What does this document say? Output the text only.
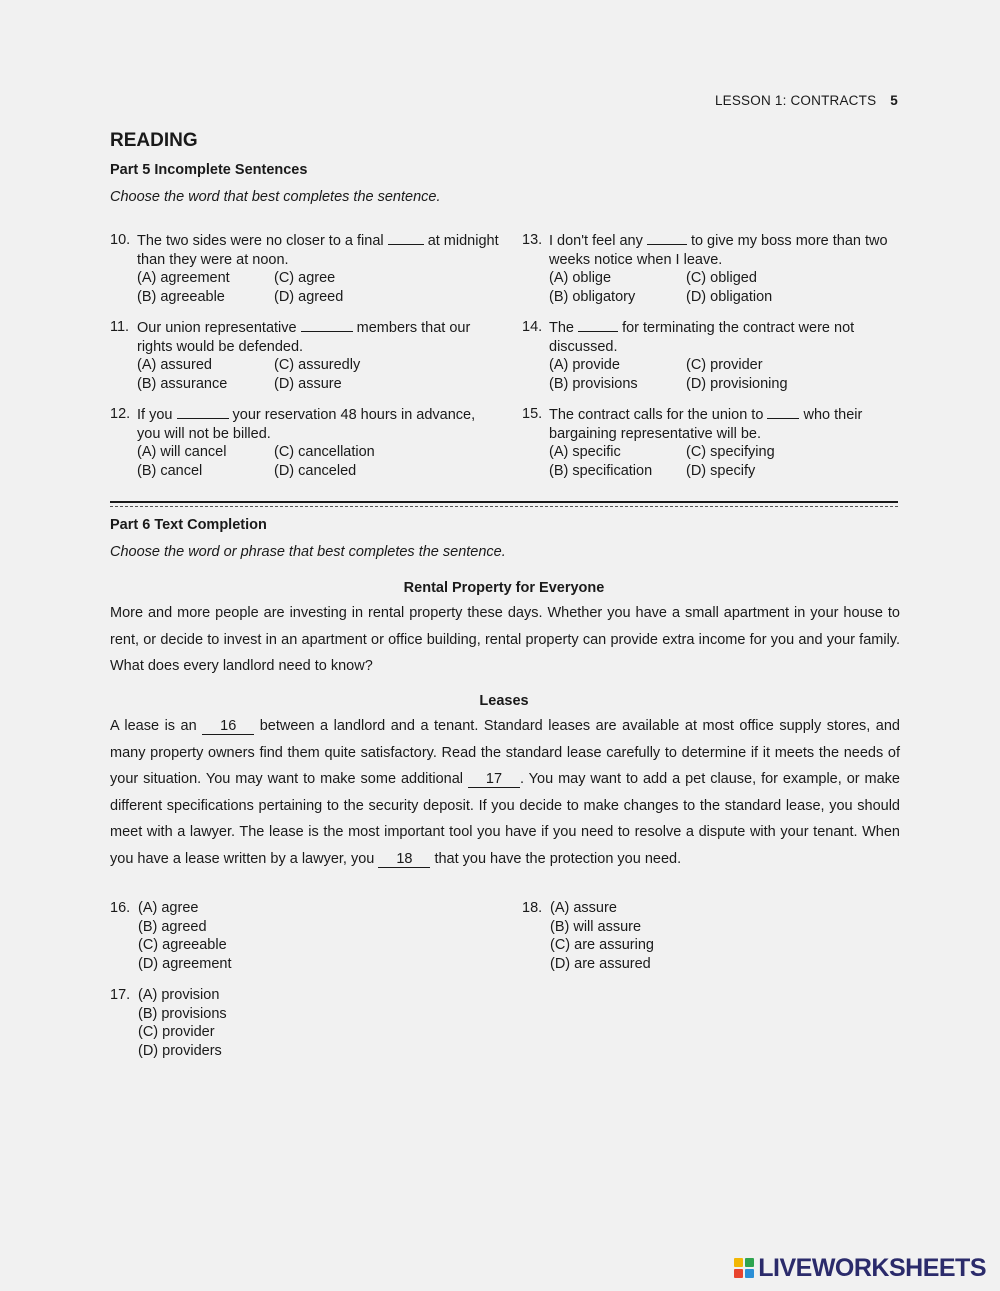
LESSON 1: CONTRACTS 5
READING
Part 5 Incomplete Sentences
Choose the word that best completes the sentence.
10. The two sides were no closer to a final	at midnight than they were at noon.
(A) agreement	(C) agree
(B) agreeable	(D) agreed
11. Our union representative	members that our rights would be defended.
(A) assured	(C) assuredly
(B) assurance	(D) assure
12. If you	your reservation 48 hours in advance, you will not be billed.
(A) will cancel	(C) cancellation
(B) cancel	(D) canceled
13. I don't feel any	to give my boss more than two weeks notice when I leave.
(A) oblige	(C) obliged
(B) obligatory	(D) obligation
14. The	for terminating the contract were not discussed.
(A) provide	(C) provider
(B) provisions	(D) provisioning
15. The contract calls for the union to	who their bargaining representative will be.
(A) specific	(C) specifying
(B) specification	(D) specify
Part 6 Text Completion
Choose the word or phrase that best completes the sentence.
Rental Property for Everyone
More and more people are investing in rental property these days. Whether you have a small apartment in your house to rent, or decide to invest in an apartment or office building, rental property can provide extra income for you and your family. What does every landlord need to know?
Leases
A lease is an 16 between a landlord and a tenant. Standard leases are available at most office supply stores, and many property owners find them quite satisfactory. Read the standard lease carefully to determine if it meets the needs of your situation. You may want to make some additional 17 . You may want to add a pet clause, for example, or make different specifications pertaining to the security deposit. If you decide to make changes to the standard lease, you should meet with a lawyer. The lease is the most important tool you have if you need to resolve a dispute with your tenant. When you have a lease written by a lawyer, you 18 that you have the protection you need.
16. (A) agree
(B) agreed
(C) agreeable
(D) agreement
17. (A) provision
(B) provisions
(C) provider
(D) providers
18. (A) assure
(B) will assure
(C) are assuring
(D) are assured
LIVEWORKSHEETS
